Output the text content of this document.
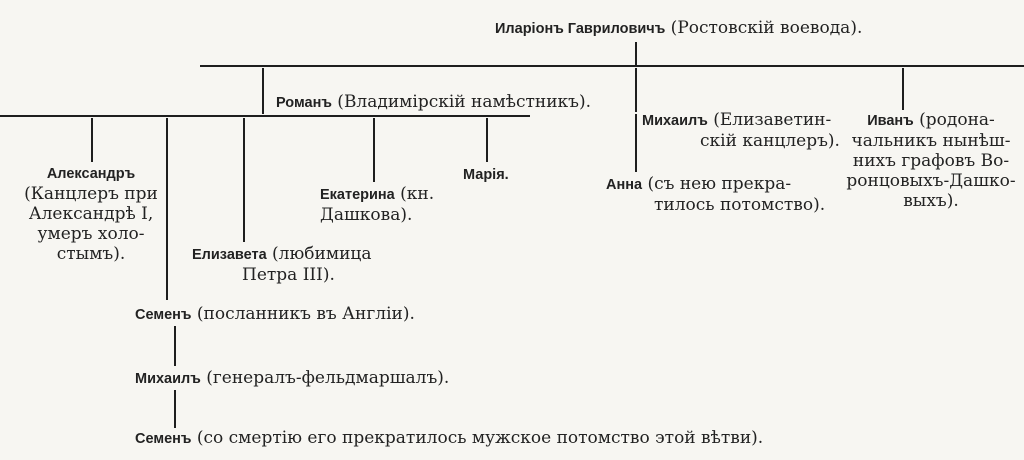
Иларіонъ Гавриловичъ (Ростовскій воевода).
Романъ (Владимірскій намѣстникъ).
Михаилъ (Елизаветин-
скій канцлеръ).
Иванъ (родона-
чальникъ нынѣш-
нихъ графовъ Во-
ронцовыхъ-Дашко-
выхъ).
Анна (съ нею прекра-
тилось потомство).
Александръ
(Канцлеръ при
Александрѣ I,
умеръ холо-
стымъ).
Екатерина (кн.
Дашкова).
Марія.
Елизавета (любимица
Петра III).
Семенъ (посланникъ въ Англіи).
Михаилъ (генералъ-фельдмаршалъ).
Семенъ (со смертію его прекратилось мужское потомство этой вѣтви).
